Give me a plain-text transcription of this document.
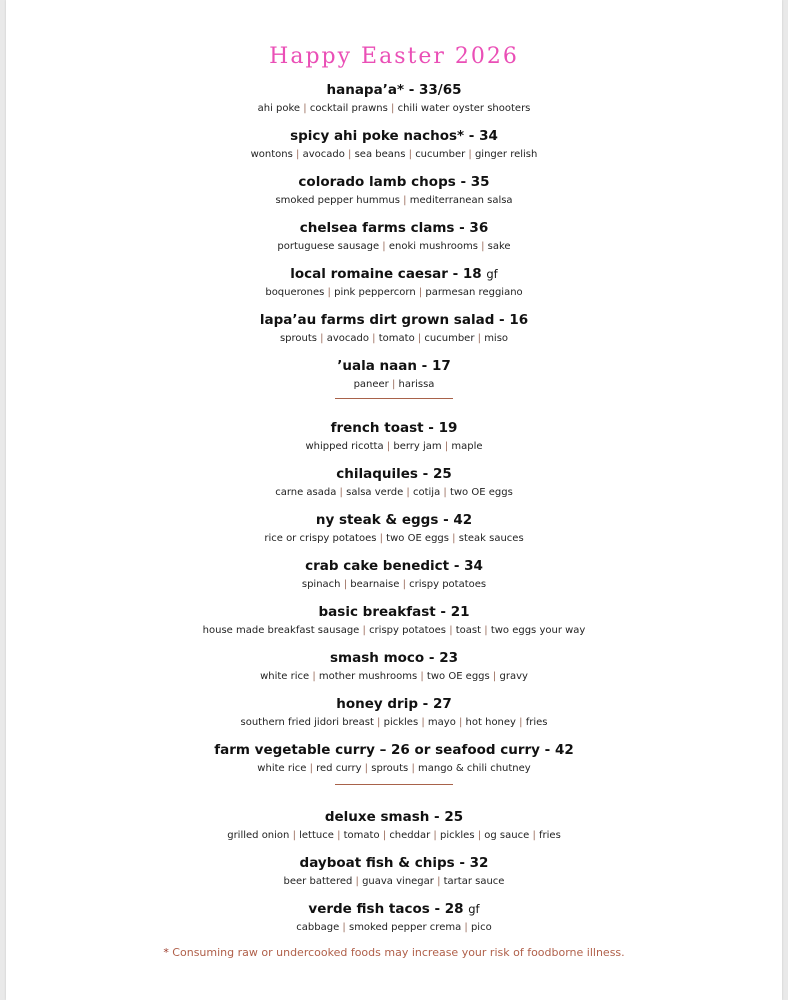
Happy Easter 2026
hanapa’a* - 33/65
ahi poke | cocktail prawns | chili water oyster shooters
spicy ahi poke nachos* - 34
wontons | avocado | sea beans | cucumber | ginger relish
colorado lamb chops - 35
smoked pepper hummus | mediterranean salsa
chelsea farms clams - 36
portuguese sausage | enoki mushrooms | sake
local romaine caesar - 18 gf
boquerones | pink peppercorn | parmesan reggiano
lapa’au farms dirt grown salad - 16
sprouts | avocado | tomato | cucumber | miso
’uala naan - 17
paneer | harissa
french toast - 19
whipped ricotta | berry jam | maple
chilaquiles - 25
carne asada | salsa verde | cotija | two OE eggs
ny steak & eggs - 42
rice or crispy potatoes | two OE eggs | steak sauces
crab cake benedict - 34
spinach | bearnaise | crispy potatoes
basic breakfast - 21
house made breakfast sausage | crispy potatoes | toast | two eggs your way
smash moco - 23
white rice | mother mushrooms | two OE eggs | gravy
honey drip - 27
southern fried jidori breast | pickles | mayo | hot honey | fries
farm vegetable curry – 26 or seafood curry - 42
white rice | red curry | sprouts | mango & chili chutney
deluxe smash - 25
grilled onion | lettuce | tomato | cheddar | pickles | og sauce | fries
dayboat fish & chips - 32
beer battered | guava vinegar | tartar sauce
verde fish tacos - 28 gf
cabbage | smoked pepper crema | pico
* Consuming raw or undercooked foods may increase your risk of foodborne illness.
